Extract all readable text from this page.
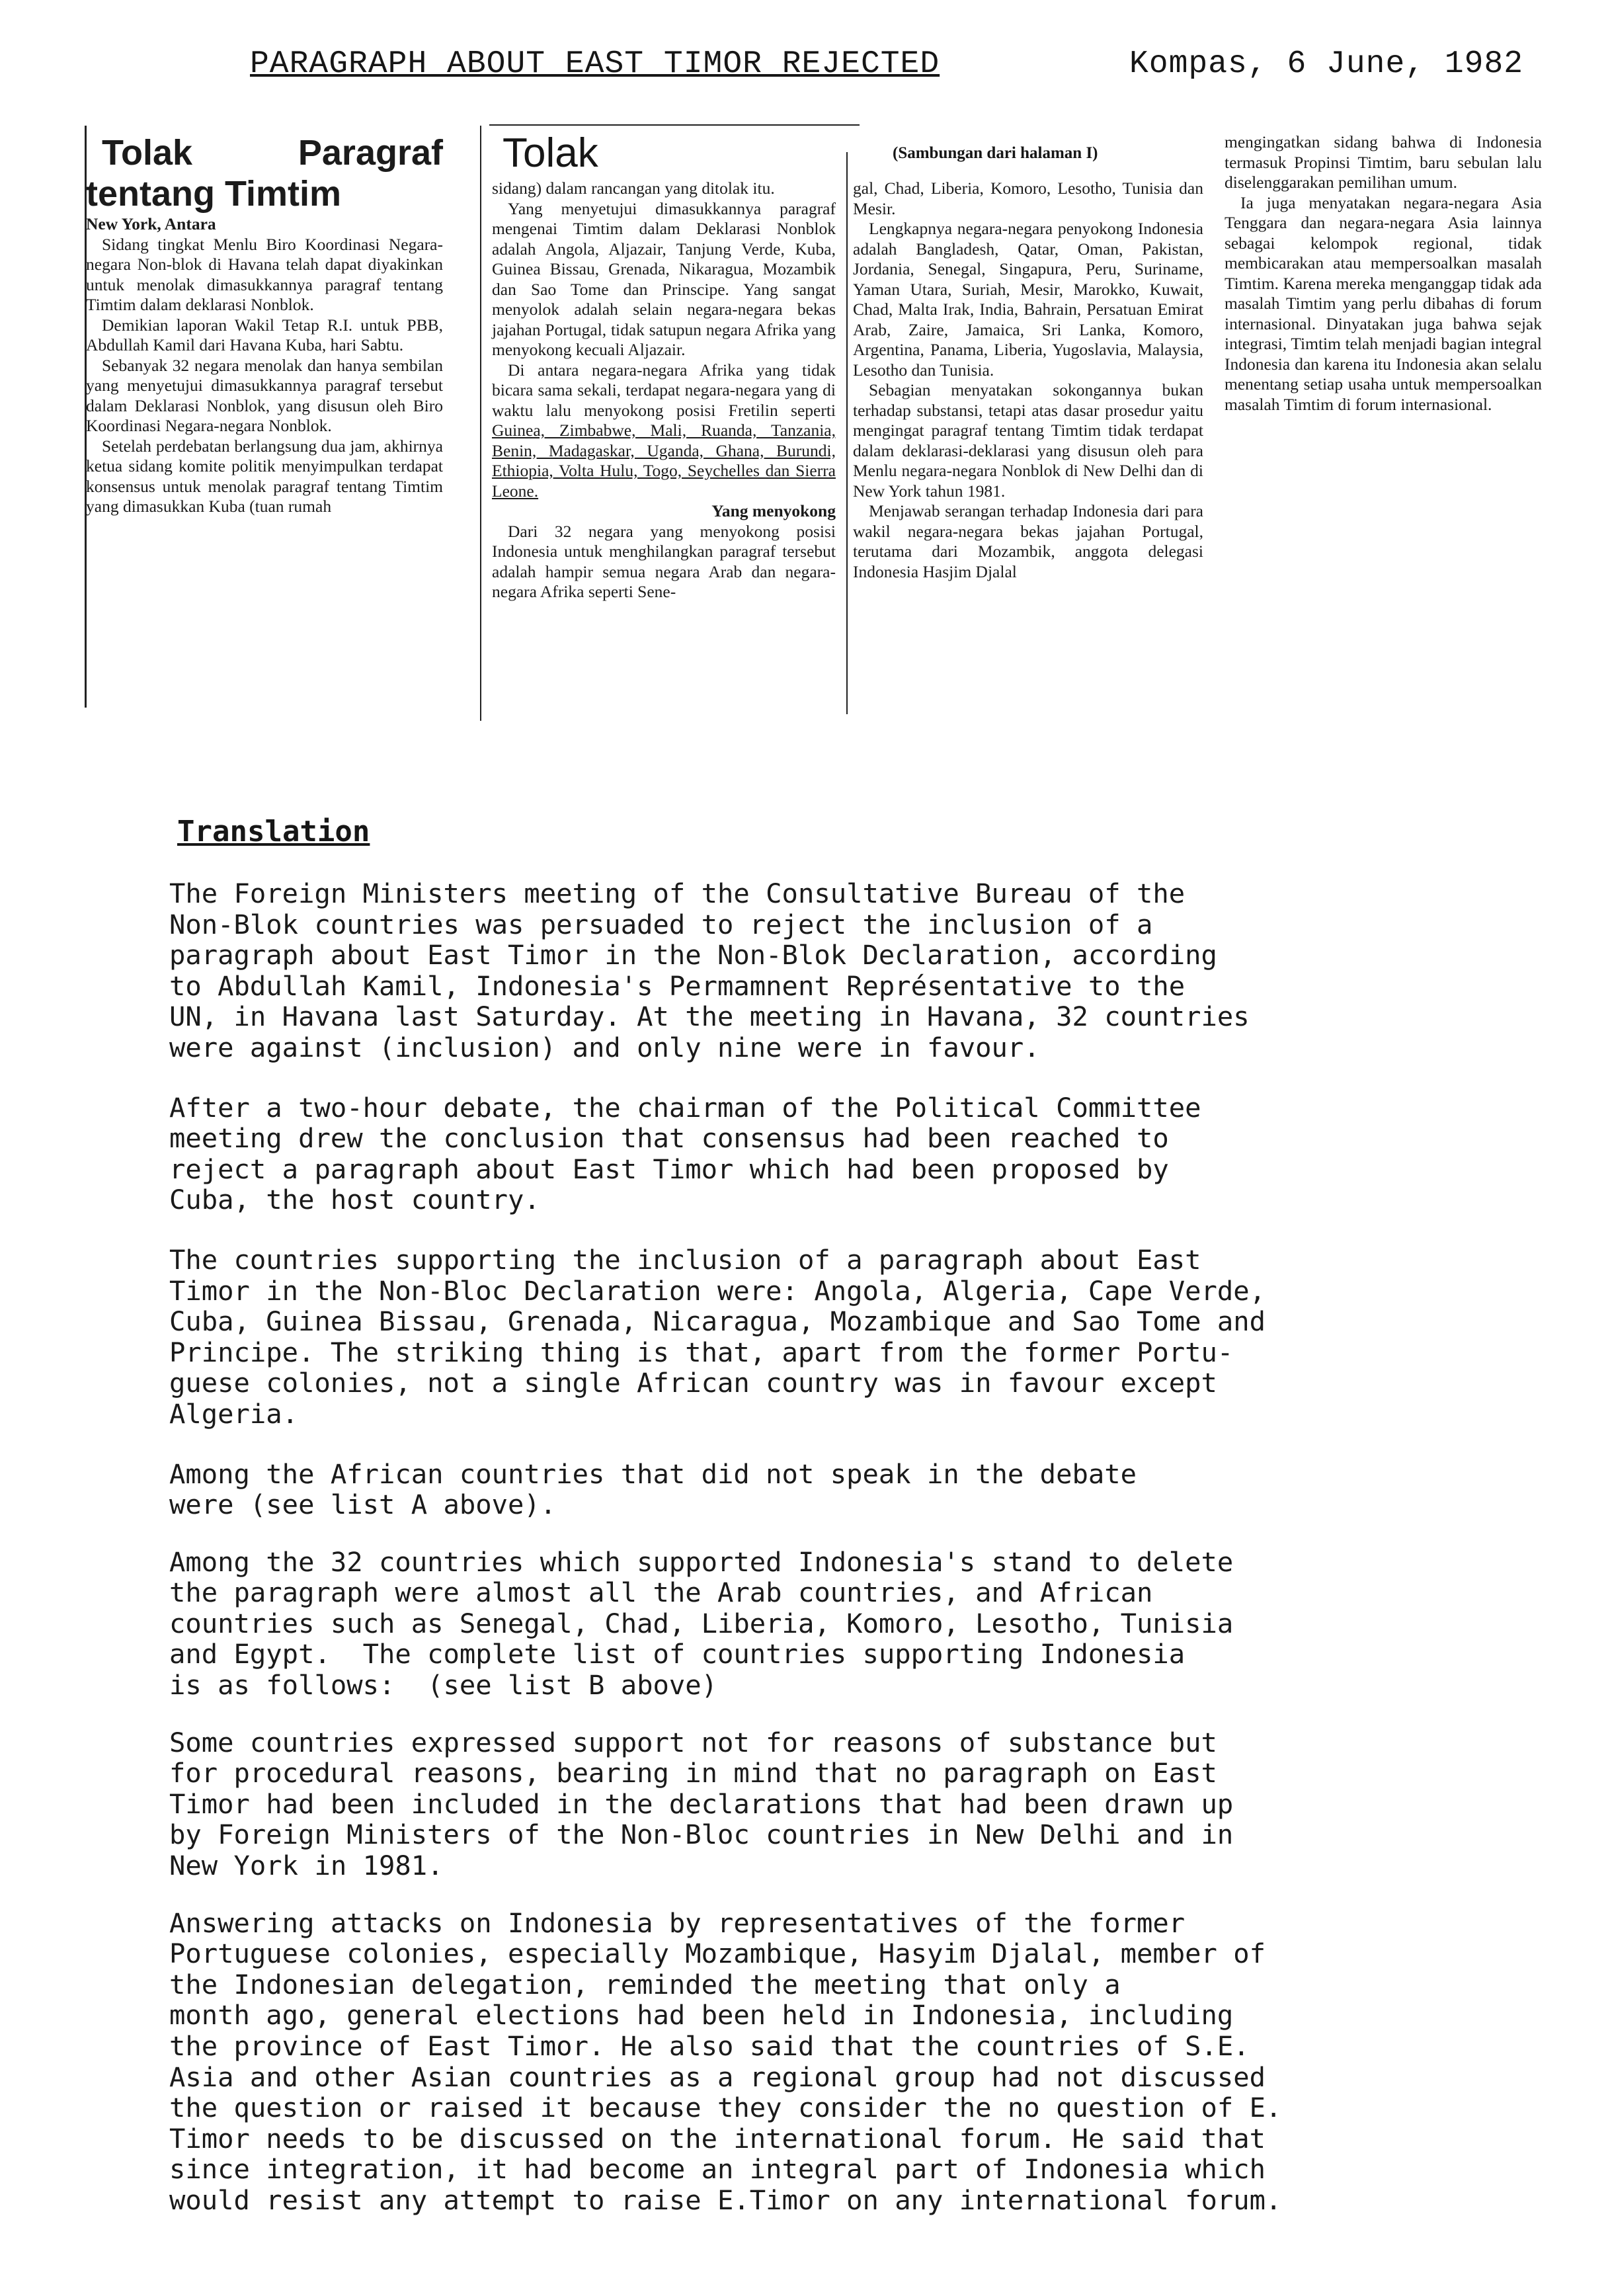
PARAGRAPH ABOUT EAST TIMOR REJECTED	Kompas, 6 June, 1982

Tolak Paragraf tentang Timtim

New York, Antara

Sidang tingkat Menlu Biro Koordinasi Negara-negara Non-blok di Havana telah dapat diyakinkan untuk menolak dimasukkannya paragraf tentang Timtim dalam deklarasi Nonblok.

Demikian laporan Wakil Tetap R.I. untuk PBB, Abdullah Kamil dari Havana Kuba, hari Sabtu.

Sebanyak 32 negara menolak dan hanya sembilan yang menyetujui dimasukkannya paragraf tersebut dalam Deklarasi Nonblok, yang disusun oleh Biro Koordinasi Negara-negara Nonblok.

Setelah perdebatan berlangsung dua jam, akhirnya ketua sidang komite politik menyimpulkan terdapat konsensus untuk menolak paragraf tentang Timtim yang dimasukkan Kuba (tuan rumah

Tolak

sidang) dalam rancangan yang ditolak itu.

Yang menyetujui dimasukkannya paragraf mengenai Timtim dalam Deklarasi Nonblok adalah Angola, Aljazair, Tanjung Verde, Kuba, Guinea Bissau, Grenada, Nikaragua, Mozambik dan Sao Tome dan Prinscipe. Yang sangat menyolok adalah selain negara-negara bekas jajahan Portugal, tidak satupun negara Afrika yang menyokong kecuali Aljazair.

Di antara negara-negara Afrika yang tidak bicara sama sekali, terdapat negara-negara yang di waktu lalu menyokong posisi Fretilin seperti Guinea, Zimbabwe, Mali, Ruanda, Tanzania, Benin, Madagaskar, Uganda, Ghana, Burundi, Ethiopia, Volta Hulu, Togo, Seychelles dan Sierra Leone.

Yang menyokong

Dari 32 negara yang menyokong posisi Indonesia untuk menghilangkan paragraf tersebut adalah hampir semua negara Arab dan negara-negara Afrika seperti Sene-

(Sambungan dari halaman I)

gal, Chad, Liberia, Komoro, Lesotho, Tunisia dan Mesir.

Lengkapnya negara-negara penyokong Indonesia adalah Bangladesh, Qatar, Oman, Pakistan, Jordania, Senegal, Singapura, Peru, Suriname, Yaman Utara, Suriah, Mesir, Marokko, Kuwait, Chad, Malta Irak, India, Bahrain, Persatuan Emirat Arab, Zaire, Jamaica, Sri Lanka, Komoro, Argentina, Panama, Liberia, Yugoslavia, Malaysia, Lesotho dan Tunisia.

Sebagian menyatakan sokongannya bukan terhadap substansi, tetapi atas dasar prosedur yaitu mengingat paragraf tentang Timtim tidak terdapat dalam deklarasi-deklarasi yang disusun oleh para Menlu negara-negara Nonblok di New Delhi dan di New York tahun 1981.

Menjawab serangan terhadap Indonesia dari para wakil negara-negara bekas jajahan Portugal, terutama dari Mozambik, anggota delegasi Indonesia Hasjim Djalal

mengingatkan sidang bahwa di Indonesia termasuk Propinsi Timtim, baru sebulan lalu diselenggarakan pemilihan umum.

Ia juga menyatakan negara-negara Asia Tenggara dan negara-negara Asia lainnya sebagai kelompok regional, tidak membicarakan atau mempersoalkan masalah Timtim. Karena mereka menganggap tidak ada masalah Timtim yang perlu dibahas di forum internasional. Dinyatakan juga bahwa sejak integrasi, Timtim telah menjadi bagian integral Indonesia dan karena itu Indonesia akan selalu menentang setiap usaha untuk mempersoalkan masalah Timtim di forum internasional.

Translation

The Foreign Ministers meeting of the Consultative Bureau of the
Non-Blok countries was persuaded to reject the inclusion of a
paragraph about East Timor in the Non-Blok Declaration, according
to Abdullah Kamil, Indonesia's Permamnent Représentative to the
UN, in Havana last Saturday. At the meeting in Havana, 32 countries
were against (inclusion) and only nine were in favour.

After a two-hour debate, the chairman of the Political Committee
meeting drew the conclusion that consensus had been reached to
reject a paragraph about East Timor which had been proposed by
Cuba, the host country.

The countries supporting the inclusion of a paragraph about East
Timor in the Non-Bloc Declaration were: Angola, Algeria, Cape Verde,
Cuba, Guinea Bissau, Grenada, Nicaragua, Mozambique and Sao Tome and
Principe. The striking thing is that, apart from the former Portu-
guese colonies, not a single African country was in favour except
Algeria.

Among the African countries that did not speak in the debate
were (see list A above).

Among the 32 countries which supported Indonesia's stand to delete
the paragraph were almost all the Arab countries, and African
countries such as Senegal, Chad, Liberia, Komoro, Lesotho, Tunisia
and Egypt.  The complete list of countries supporting Indonesia
is as follows:  (see list B above)

Some countries expressed support not for reasons of substance but
for procedural reasons, bearing in mind that no paragraph on East
Timor had been included in the declarations that had been drawn up
by Foreign Ministers of the Non-Bloc countries in New Delhi and in
New York in 1981.

Answering attacks on Indonesia by representatives of the former
Portuguese colonies, especially Mozambique, Hasyim Djalal, member of
the Indonesian delegation, reminded the meeting that only a
month ago, general elections had been held in Indonesia, including
the province of East Timor. He also said that the countries of S.E.
Asia and other Asian countries as a regional group had not discussed
the question or raised it because they consider the no question of E.
Timor needs to be discussed on the international forum. He said that
since integration, it had become an integral part of Indonesia which
would resist any attempt to raise E.Timor on any international forum.
